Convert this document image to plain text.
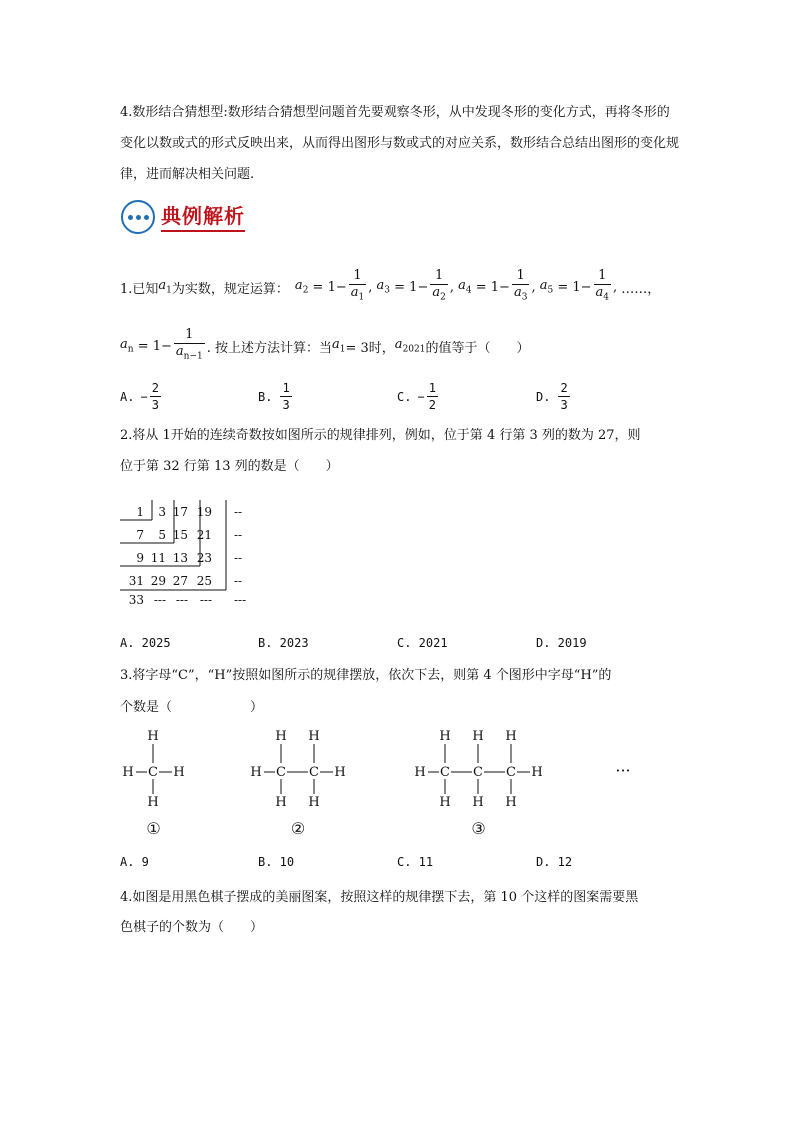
4.数形结合猜想型:数形结合猜想型问题首先要观察冬形，从中发现冬形的变化方式，再将冬形的变化以数或式的形式反映出来，从而得出图形与数或式的对应关系，数形结合总结出图形的变化规律，进而解决相关问题.
典例解析
1.已知 $a_1$ 为实数，规定运算： $a_2 = 1- \frac{1}{a_1}$ , $a_3 = 1- \frac{1}{a_2}$ , $a_4 = 1- \frac{1}{a_3}$ , $a_5 = 1- \frac{1}{a_4}$ , ……，
$a_n = 1- \frac{1}{a_{n-1}}$ . 按上述方法计算：当 $a_1 = 3$时， $a_{2021}$ 的值等于（　　）
A. − $\frac{2}{3}$	B. $\frac{1}{3}$	C. − $\frac{1}{2}$	D. $\frac{2}{3}$
2.将从 1开始的连续奇数按如图所示的规律排列，例如，位于第 4 行第 3 列的数为 27，则
位于第 32 行第 13 列的数是（　　）
1 3 17 19 --
7 5 15 21 --
9 11 13 23 --
31 29 27 25 --
33 --- --- --- ---
A. 2025	B. 2023	C. 2021	D. 2019
3.将字母“C”，“H”按照如图所示的规律摆放，依次下去，则第 4 个图形中字母“H”的
个数是（　　　　　　）
H C
H
H
H
①
H C
H
H
C
H
H
H
②
H C
H
H
C
H
H
C
H
H
H
③
···
A. 9	B. 10	C. 11	D. 12
4.如图是用黑色棋子摆成的美丽图案，按照这样的规律摆下去，第 10 个这样的图案需要黑
色棋子的个数为（　　）
